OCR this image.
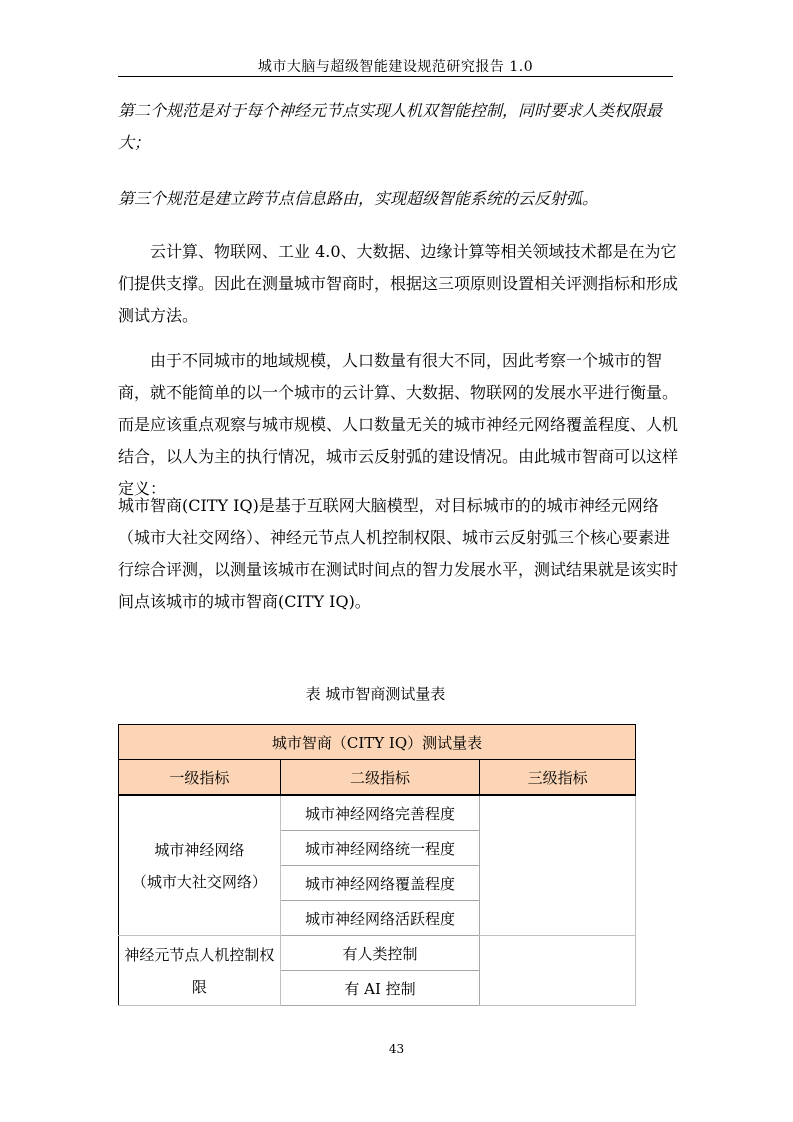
城市大脑与超级智能建设规范研究报告 1.0

第二个规范是对于每个神经元节点实现人机双智能控制，同时要求人类权限最大；

第三个规范是建立跨节点信息路由，实现超级智能系统的云反射弧。

云计算、物联网、工业 4.0、大数据、边缘计算等相关领域技术都是在为它们提供支撑。因此在测量城市智商时，根据这三项原则设置相关评测指标和形成测试方法。

由于不同城市的地域规模，人口数量有很大不同，因此考察一个城市的智商，就不能简单的以一个城市的云计算、大数据、物联网的发展水平进行衡量。而是应该重点观察与城市规模、人口数量无关的城市神经元网络覆盖程度、人机结合，以人为主的执行情况，城市云反射弧的建设情况。由此城市智商可以这样定义：

城市智商(CITY IQ)是基于互联网大脑模型，对目标城市的的城市神经元网络（城市大社交网络）、神经元节点人机控制权限、城市云反射弧三个核心要素进行综合评测，以测量该城市在测试时间点的智力发展水平，测试结果就是该实时间点该城市的城市智商(CITY IQ)。

表 城市智商测试量表
城市智商（CITY IQ）测试量表		
一级指标	二级指标	三级指标
城市神经网络
（城市大社交网络）	城市神经网络完善程度	
	城市神经网络统一程度	
	城市神经网络覆盖程度	
	城市神经网络活跃程度	
神经元节点人机控制权
限	有人类控制	
	有 AI 控制	
43
